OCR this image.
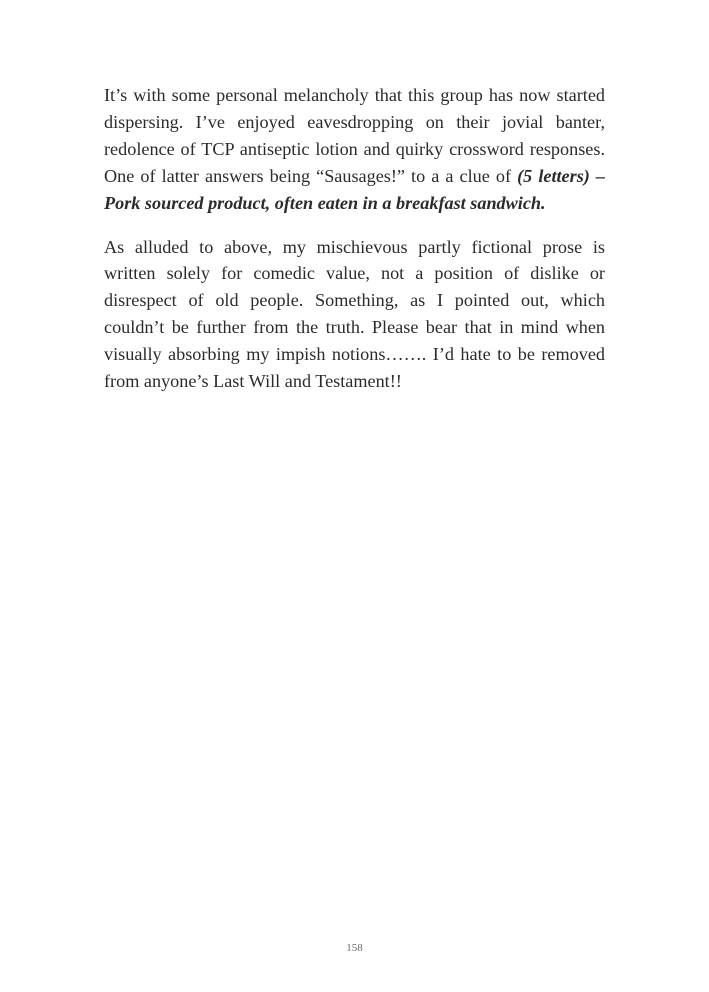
It’s with some personal melancholy that this group has now started dispersing. I’ve enjoyed eavesdropping on their jovial banter, redolence of TCP antiseptic lotion and quirky crossword responses. One of latter answers being “Sausages!” to a a clue of (5 letters) – Pork sourced product, often eaten in a breakfast sandwich.

As alluded to above, my mischievous partly fictional prose is written solely for comedic value, not a position of dislike or disrespect of old people. Something, as I pointed out, which couldn’t be further from the truth. Please bear that in mind when visually absorbing my impish notions……. I’d hate to be removed from anyone’s Last Will and Testament!!

158
